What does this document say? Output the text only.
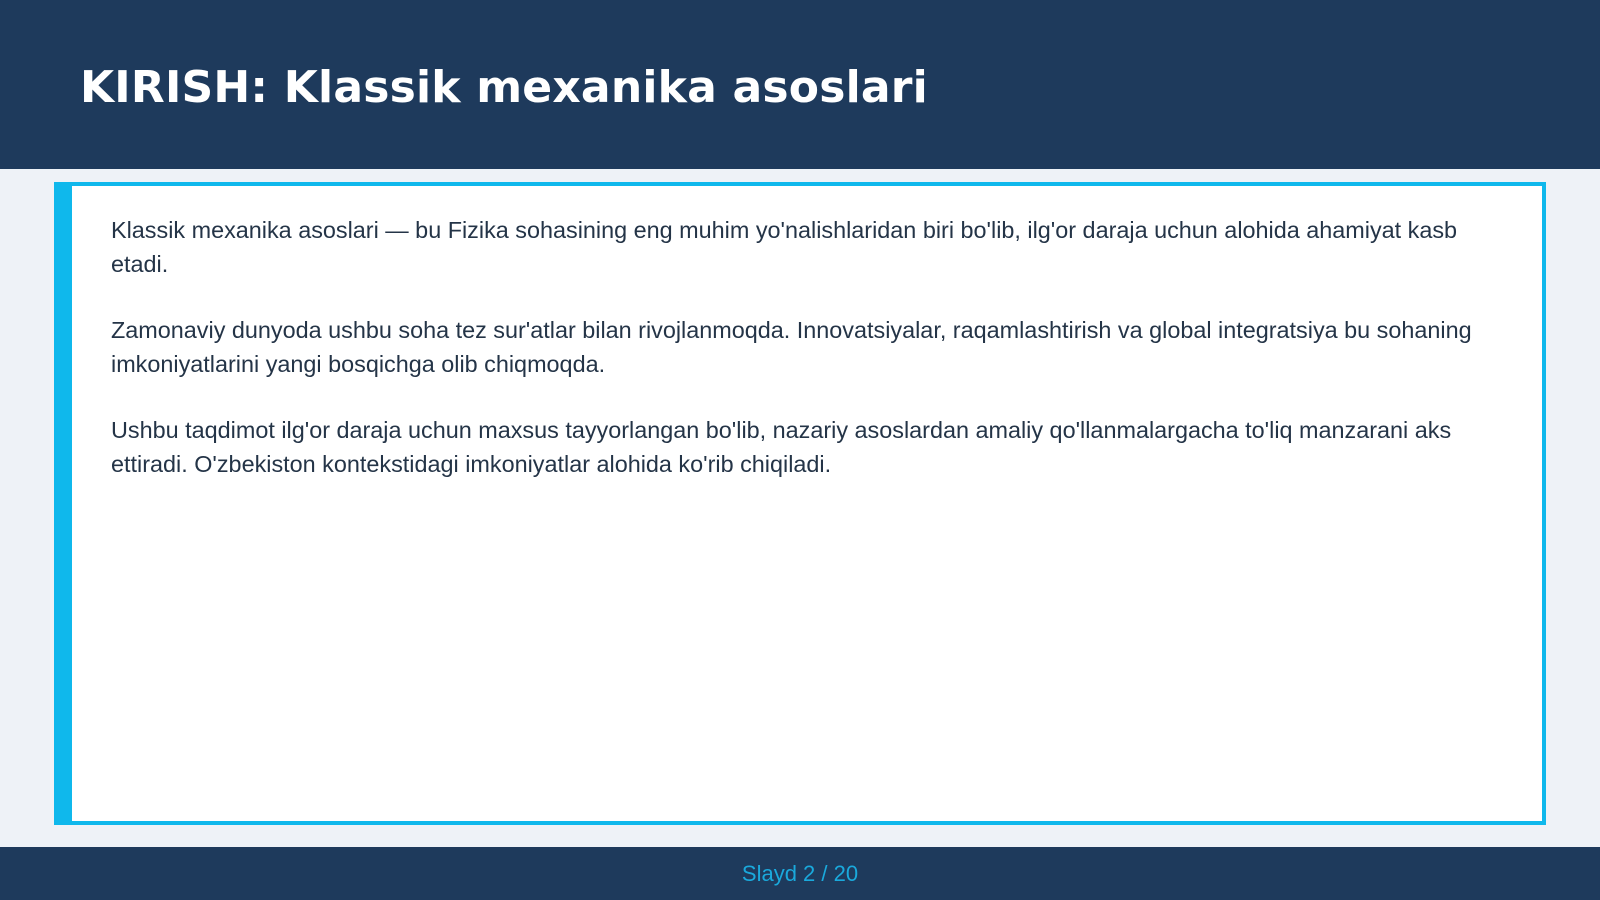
KIRISH: Klassik mexanika asoslari

Klassik mexanika asoslari — bu Fizika sohasining eng muhim yo'nalishlaridan biri bo'lib, ilg'or daraja uchun alohida ahamiyat kasb etadi.

Zamonaviy dunyoda ushbu soha tez sur'atlar bilan rivojlanmoqda. Innovatsiyalar, raqamlashtirish va global integratsiya bu sohaning imkoniyatlarini yangi bosqichga olib chiqmoqda.

Ushbu taqdimot ilg'or daraja uchun maxsus tayyorlangan bo'lib, nazariy asoslardan amaliy qo'llanmalargacha to'liq manzarani aks ettiradi. O'zbekiston kontekstidagi imkoniyatlar alohida ko'rib chiqiladi.

Slayd 2 / 20
